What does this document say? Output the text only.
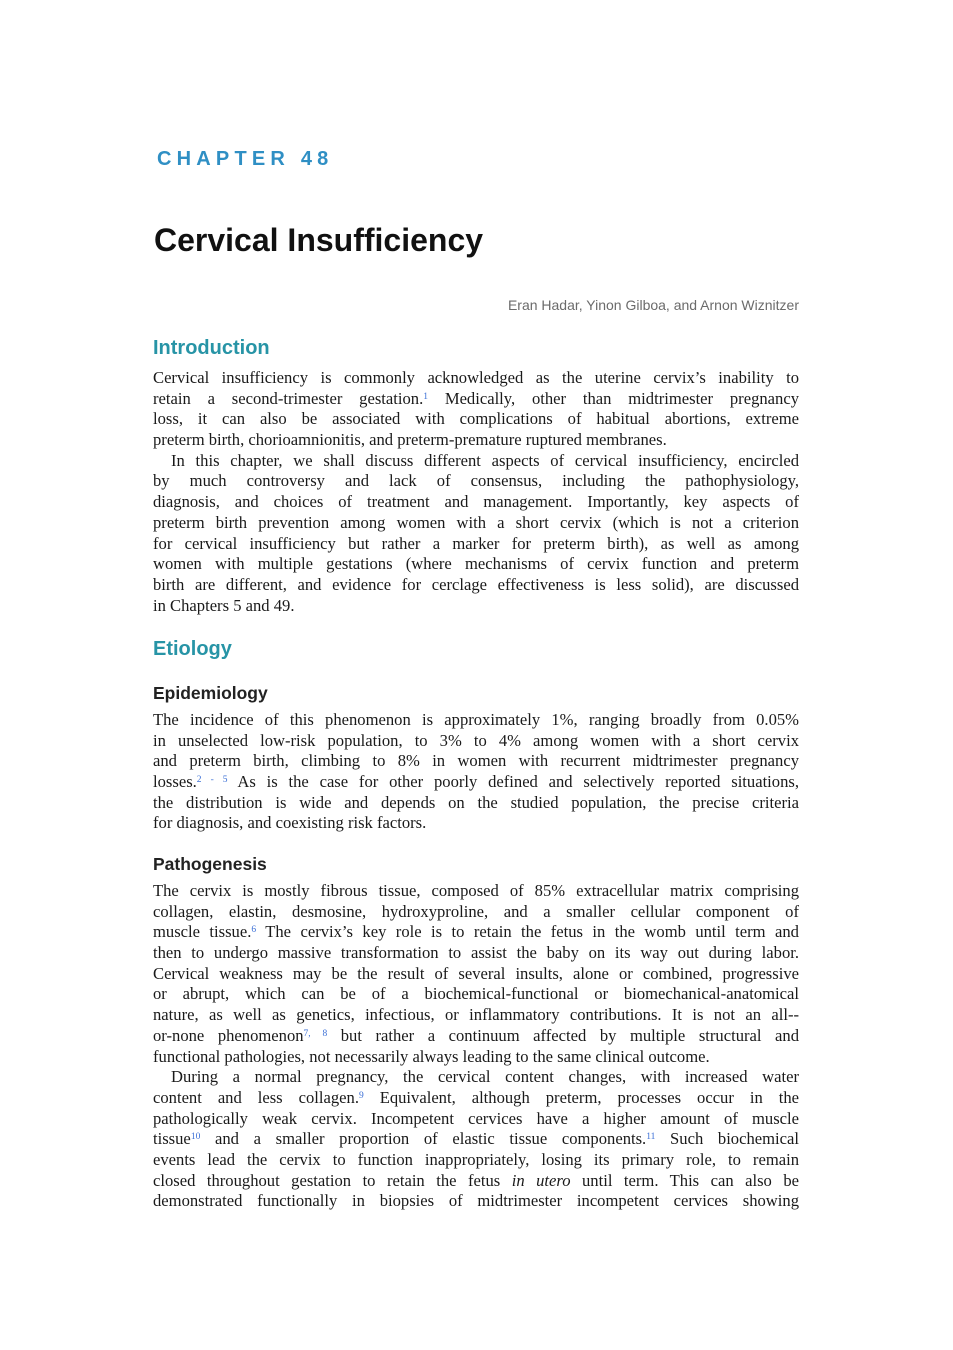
CHAPTER 48
Cervical Insufficiency
Eran Hadar, Yinon Gilboa, and Arnon Wiznitzer
Introduction
Cervical insufficiency is commonly acknowledged as the uterine cervix’s inability to
retain a second-trimester gestation.$^1$ Medically, other than midtrimester pregnancy
loss, it can also be associated with complications of habitual abortions, extreme
preterm birth, chorioamnionitis, and preterm-premature ruptured membranes.
In this chapter, we shall discuss different aspects of cervical insufficiency, encircled
by much controversy and lack of consensus, including the pathophysiology,
diagnosis, and choices of treatment and management. Importantly, key aspects of
preterm birth prevention among women with a short cervix (which is not a criterion
for cervical insufficiency but rather a marker for preterm birth), as well as among
women with multiple gestations (where mechanisms of cervix function and preterm
birth are different, and evidence for cerclage effectiveness is less solid), are discussed
in Chapters 5 and 49.
Etiology
Epidemiology
The incidence of this phenomenon is approximately 1%, ranging broadly from 0.05%
in unselected low-risk population, to 3% to 4% among women with a short cervix
and preterm birth, climbing to 8% in women with recurrent midtrimester pregnancy
losses.$^{2 - 5}$ As is the case for other poorly defined and selectively reported situations,
the distribution is wide and depends on the studied population, the precise criteria
for diagnosis, and coexisting risk factors.
Pathogenesis
The cervix is mostly fibrous tissue, composed of 85% extracellular matrix comprising
collagen, elastin, desmosine, hydroxyproline, and a smaller cellular component of
muscle tissue.$^6$ The cervix’s key role is to retain the fetus in the womb until term and
then to undergo massive transformation to assist the baby on its way out during labor.
Cervical weakness may be the result of several insults, alone or combined, progressive
or abrupt, which can be of a biochemical-functional or biomechanical-anatomical
nature, as well as genetics, infectious, or inflammatory contributions. It is not an all--
or-none phenomenon$^{7, 8}$ but rather a continuum affected by multiple structural and
functional pathologies, not necessarily always leading to the same clinical outcome.
During a normal pregnancy, the cervical content changes, with increased water
content and less collagen.$^9$ Equivalent, although preterm, processes occur in the
pathologically weak cervix. Incompetent cervices have a higher amount of muscle
tissue$^{10}$ and a smaller proportion of elastic tissue components.$^{11}$ Such biochemical
events lead the cervix to function inappropriately, losing its primary role, to remain
closed throughout gestation to retain the fetus in utero until term. This can also be
demonstrated functionally in biopsies of midtrimester incompetent cervices showing
